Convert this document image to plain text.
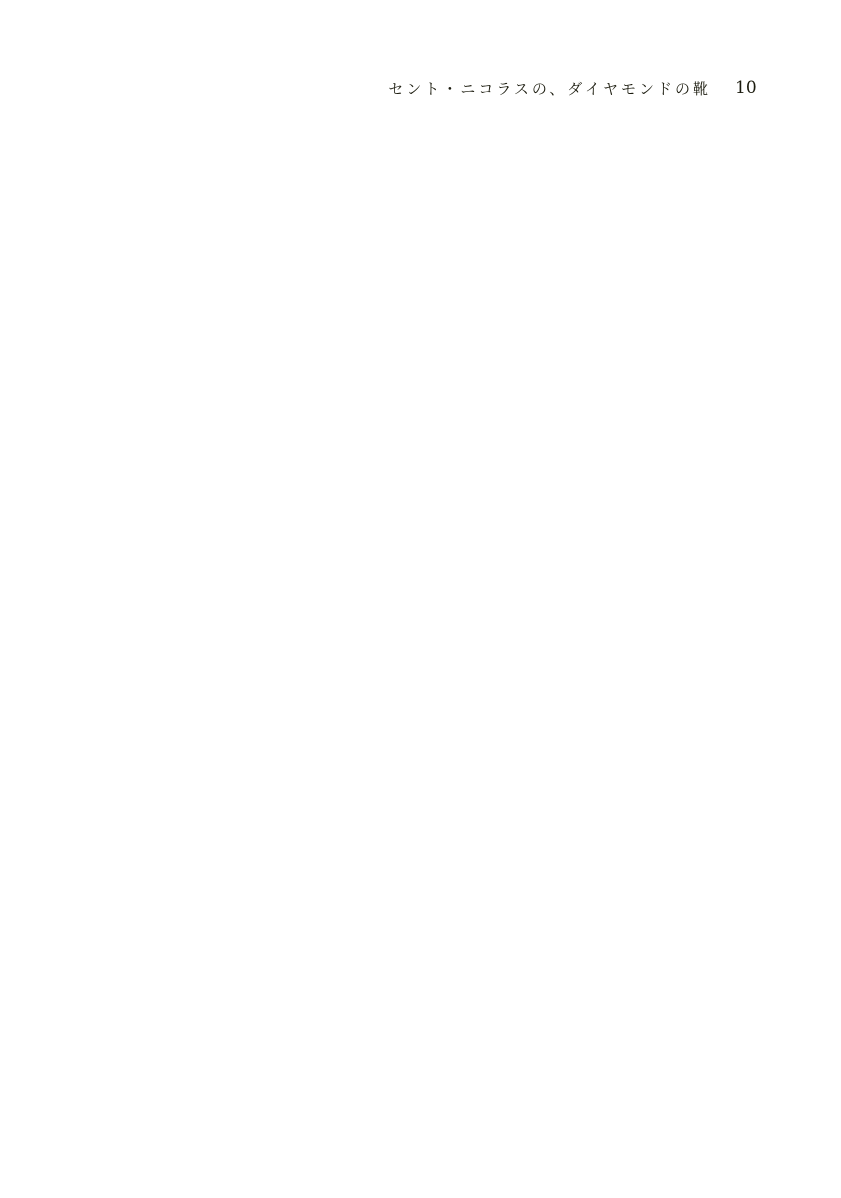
セント・ニコラスの、ダイヤモンドの靴 10
